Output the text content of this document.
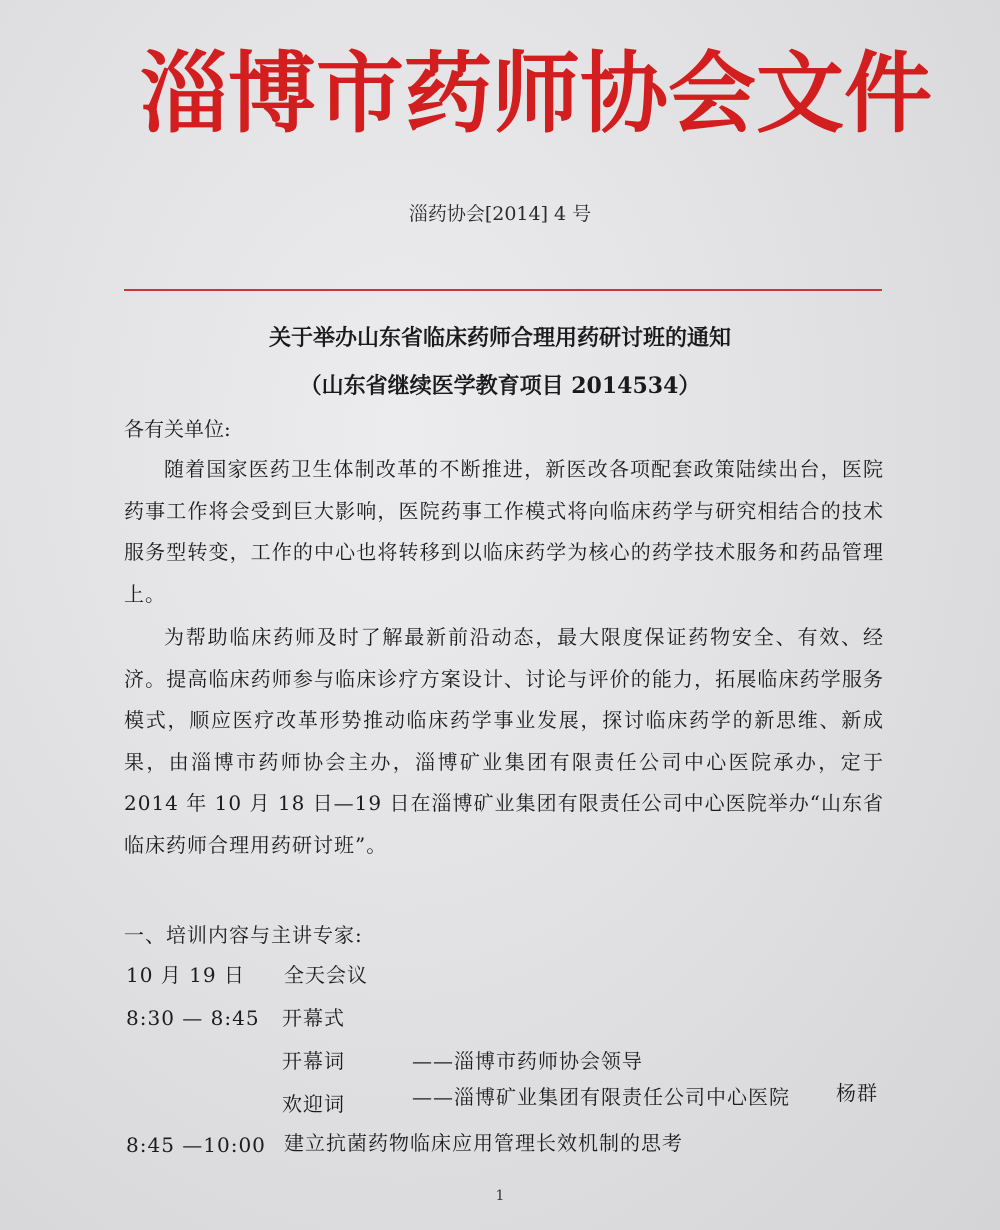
淄博市药师协会文件
淄药协会[2014] 4 号
关于举办山东省临床药师合理用药研讨班的通知
（山东省继续医学教育项目 2014534）
各有关单位:
随着国家医药卫生体制改革的不断推进，新医改各项配套政策陆续出台，医院药事工作将会受到巨大影响，医院药事工作模式将向临床药学与研究相结合的技术服务型转变，工作的中心也将转移到以临床药学为核心的药学技术服务和药品管理上。
为帮助临床药师及时了解最新前沿动态，最大限度保证药物安全、有效、经济。提高临床药师参与临床诊疗方案设计、讨论与评价的能力，拓展临床药学服务模式，顺应医疗改革形势推动临床药学事业发展，探讨临床药学的新思维、新成果，由淄博市药师协会主办，淄博矿业集团有限责任公司中心医院承办，定于2014 年 10 月 18 日—19 日在淄博矿业集团有限责任公司中心医院举办“山东省临床药师合理用药研讨班”。
一、培训内容与主讲专家:
10 月 19 日 全天会议
8:30 — 8:45 开幕式
开幕词	——淄博市药师协会领导
欢迎词	——淄博矿业集团有限责任公司中心医院 杨群
8:45 —10:00 建立抗菌药物临床应用管理长效机制的思考
1
